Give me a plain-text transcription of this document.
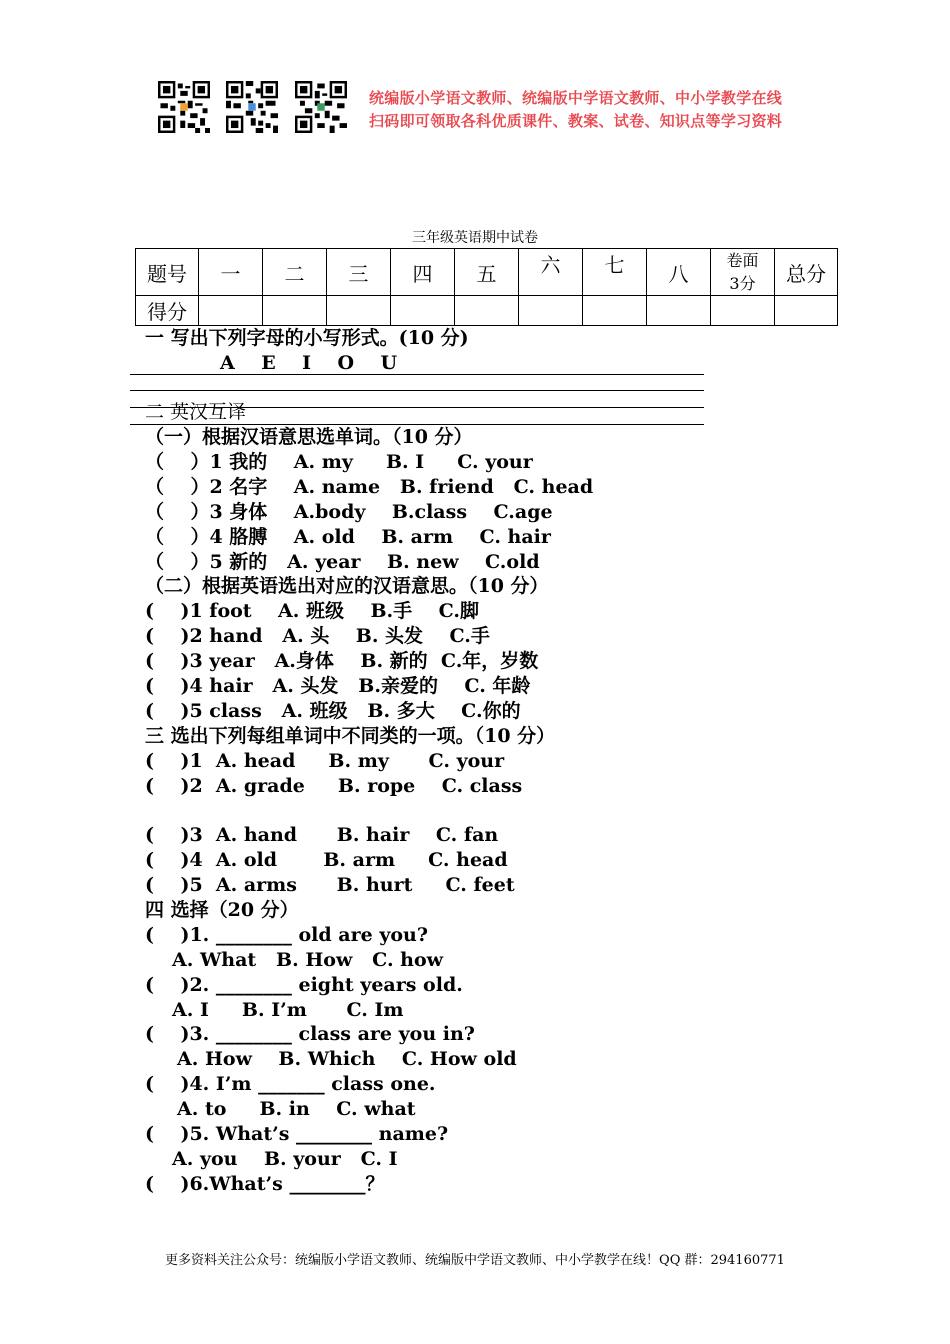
统编版小学语文教师、统编版中学语文教师、中小学教学在线
扫码即可领取各科优质课件、教案、试卷、知识点等学习资料
三年级英语期中试卷
题号	一	二	三	四	五	六	七	八	卷面3分	总分
得分										
一 写出下列字母的小写形式。(10 分)
A    E    I    O    U
二 英汉互译
（一）根据汉语意思选单词。（10 分）
（    ）1 我的    A. my     B. I     C. your
（    ）2 名字    A. name   B. friend   C. head
（    ）3 身体    A.body    B.class    C.age
（    ）4 胳膊    A. old    B. arm    C. hair
（    ）5 新的   A. year    B. new    C.old
（二）根据英语选出对应的汉语意思。（10 分）
(    )1 foot    A. 班级    B.手    C.脚
(    )2 hand   A. 头    B. 头发    C.手
(    )3 year   A.身体    B. 新的  C.年，岁数
(    )4 hair   A. 头发   B.亲爱的    C. 年龄
(    )5 class   A. 班级   B. 多大    C.你的
三 选出下列每组单词中不同类的一项。（10 分）
(    )1  A. head     B. my      C. your
(    )2  A. grade     B. rope    C. class
(    )3  A. hand      B. hair    C. fan
(    )4  A. old       B. arm     C. head
(    )5  A. arms      B. hurt     C. feet
四 选择（20 分）
(    )1. ________ old are you?
A. What   B. How   C. how
(    )2. ________ eight years old.
A. I     B. I’m      C. Im
(    )3. ________ class are you in?
A. How    B. Which    C. How old
(    )4. I’m _______ class one.
A. to     B. in    C. what
(    )5. What’s ________ name?
A. you    B. your   C. I
(    )6.What’s ________？
更多资料关注公众号：统编版小学语文教师、统编版中学语文教师、中小学教学在线！QQ 群：294160771
